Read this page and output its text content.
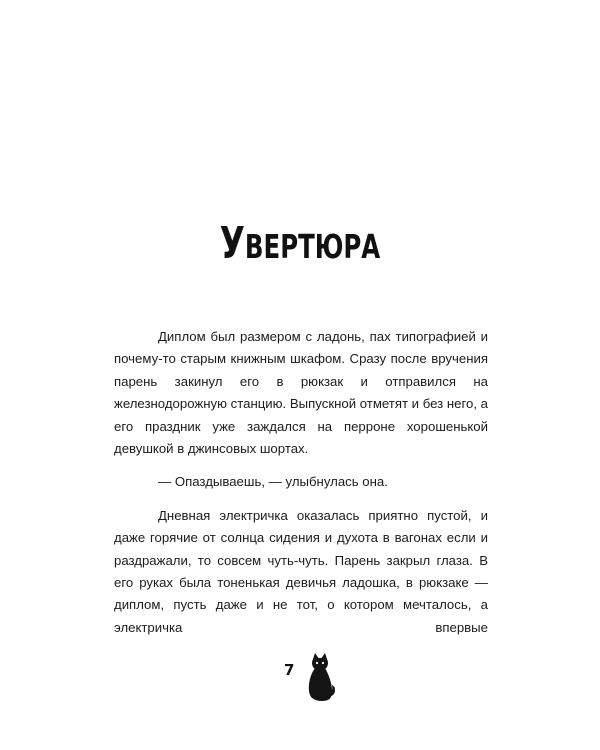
УВЕРТЮРА

Диплом был размером с ладонь, пах типографией и почему-то старым книжным шкафом. Сразу после вручения парень закинул его в рюкзак и отправился на железнодорожную станцию. Выпускной отметят и без него, а его праздник уже заждался на перроне хорошенькой девушкой в джинсовых шортах.

— Опаздываешь, — улыбнулась она.

Дневная электричка оказалась приятно пустой, и даже горячие от солнца сидения и духота в вагонах если и раздражали, то совсем чуть-чуть. Парень закрыл глаза. В его руках была тоненькая девичья ладошка, в рюкзаке — диплом, пусть даже и не тот, о котором мечталось, а электричка впервые

7
